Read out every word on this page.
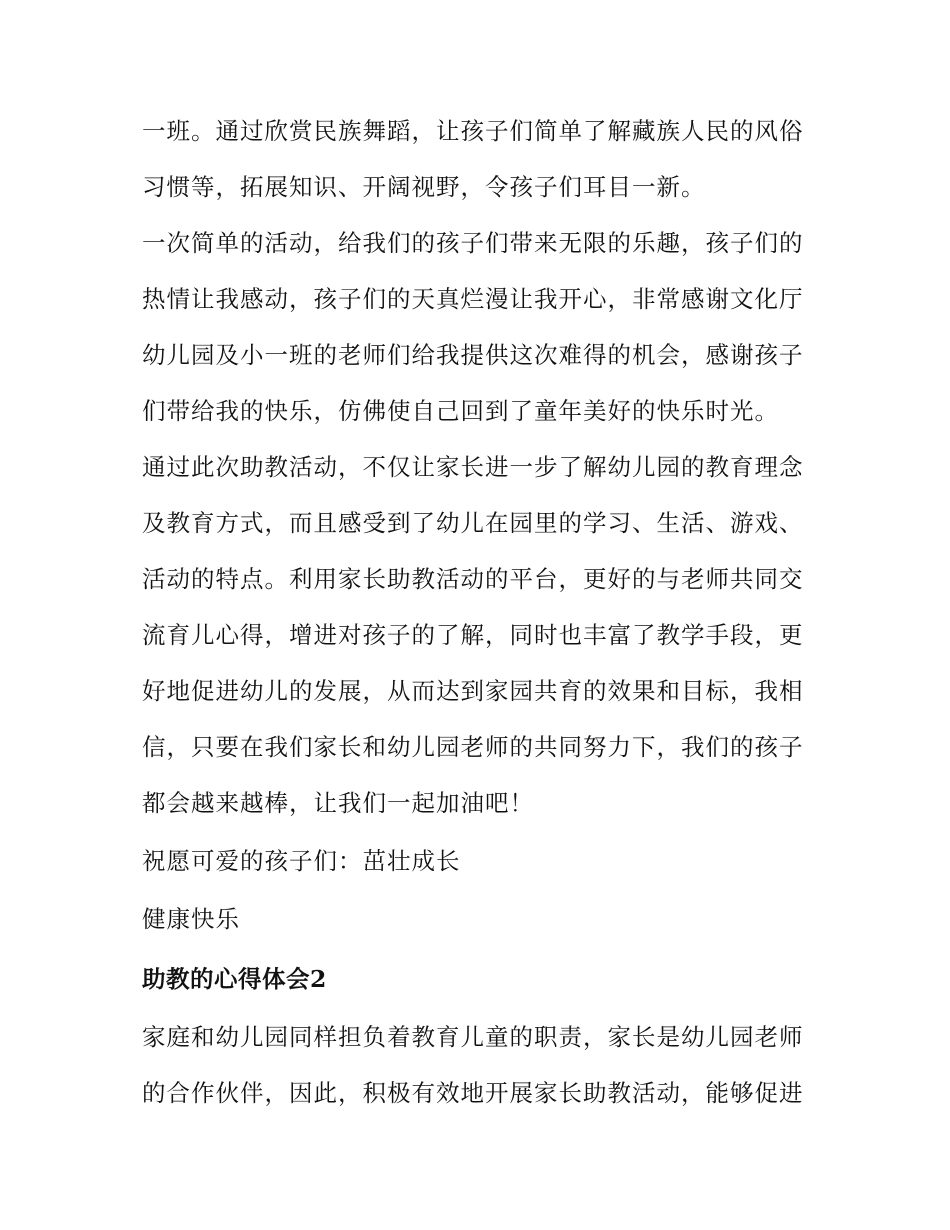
一班。通过欣赏民族舞蹈，让孩子们简单了解藏族人民的风俗
习惯等，拓展知识、开阔视野，令孩子们耳目一新。
一次简单的活动，给我们的孩子们带来无限的乐趣，孩子们的
热情让我感动，孩子们的天真烂漫让我开心，非常感谢文化厅
幼儿园及小一班的老师们给我提供这次难得的机会，感谢孩子
们带给我的快乐，仿佛使自己回到了童年美好的快乐时光。
通过此次助教活动，不仅让家长进一步了解幼儿园的教育理念
及教育方式，而且感受到了幼儿在园里的学习、生活、游戏、
活动的特点。利用家长助教活动的平台，更好的与老师共同交
流育儿心得，增进对孩子的了解，同时也丰富了教学手段，更
好地促进幼儿的发展，从而达到家园共育的效果和目标，我相
信，只要在我们家长和幼儿园老师的共同努力下，我们的孩子
都会越来越棒，让我们一起加油吧！
祝愿可爱的孩子们：茁壮成长
健康快乐
助教的心得体会2
家庭和幼儿园同样担负着教育儿童的职责，家长是幼儿园老师
的合作伙伴，因此，积极有效地开展家长助教活动，能够促进
